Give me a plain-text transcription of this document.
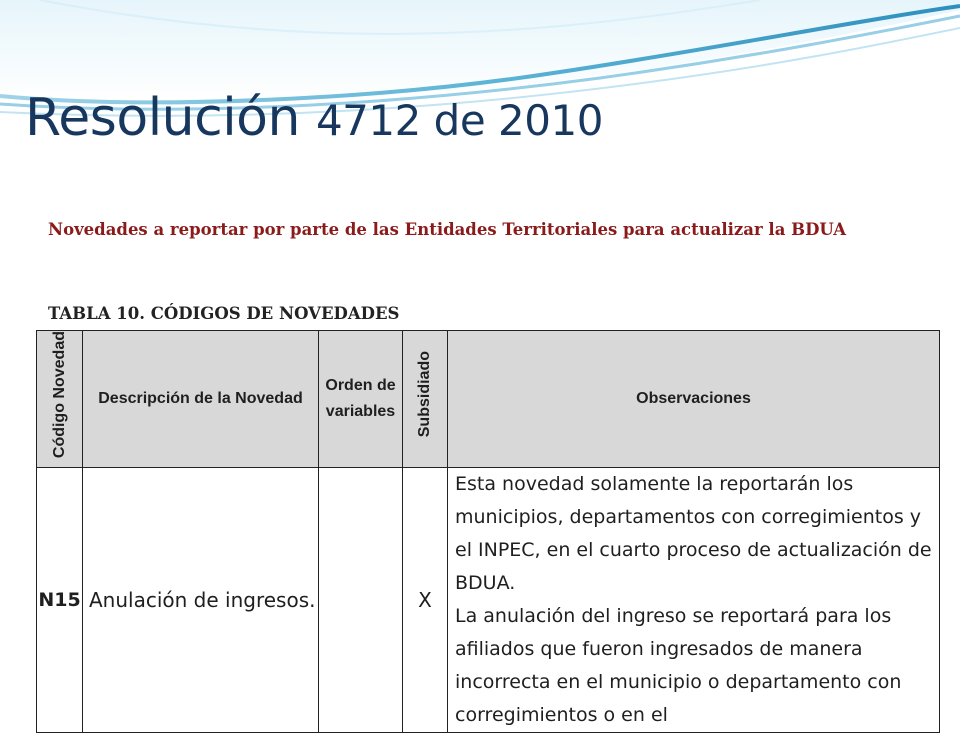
Resolución 4712 de 2010
Novedades a reportar por parte de las Entidades Territoriales para actualizar la BDUA
TABLA 10. CÓDIGOS DE NOVEDADES
Código Novedad	Descripción de la Novedad	Orden de variables	Subsidiado	Observaciones
N15	Anulación de ingresos.		X	Esta novedad solamente la reportarán los municipios, departamentos con corregimientos y el INPEC, en el cuarto proceso de actualización de BDUA.

La anulación del ingreso se reportará para los afiliados que fueron ingresados de manera incorrecta en el municipio o departamento con corregimientos o en el
